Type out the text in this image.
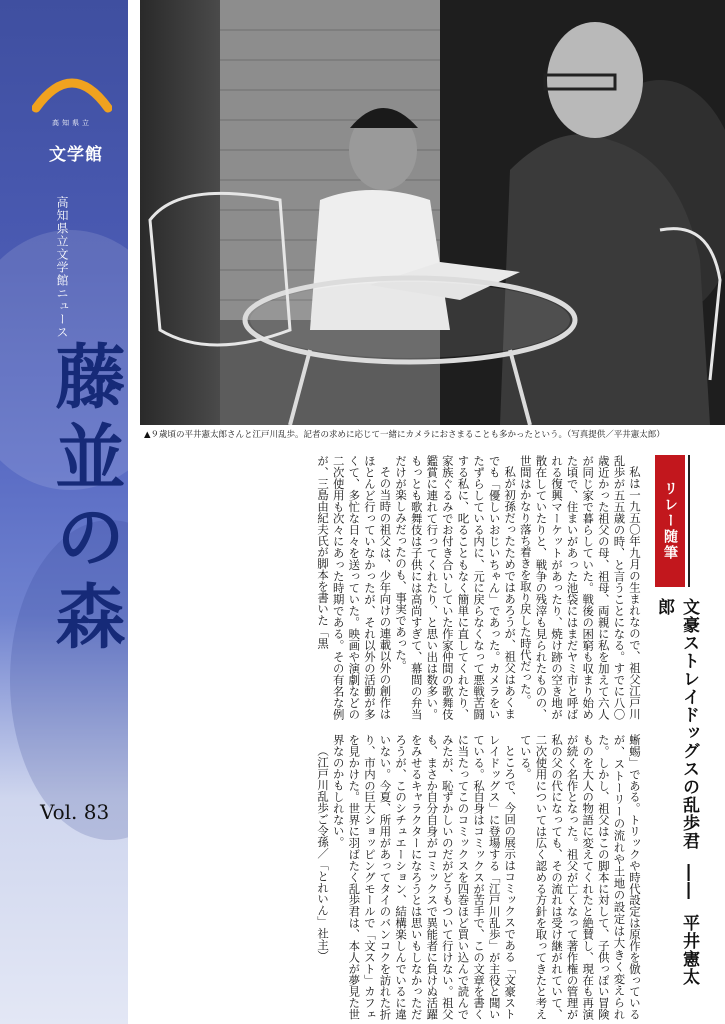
高知県立
文学館
高知県立文学館ニュース
藤並の森
Vol. 83
▲９歳頃の平井憲太郎さんと江戸川乱歩。記者の求めに応じて一緒にカメラにおさまることも多かったという。（写真提供／平井憲太郎）
リレー随筆
文豪ストレイドッグスの乱歩君――平井憲太郎

私は一九五〇年九月の生まれなので、祖父江戸川乱歩が五五歳の時、と言うことになる。すでに八〇歳近かった祖父の母、祖母、両親に私を加えて六人が同じ家で暮らしていた。戦後の困窮も収まり始めた頃で、住まいがあった池袋にはまだヤミ市と呼ばれる復興マーケットがあったり、焼け跡の空き地が散在していたりと、戦争の残滓も見られたものの、世間はかなり落ち着きを取り戻した時代だった。

私が初孫だったためではあろうが、祖父はあくまでも「優しいおじいちゃん」であった。カメラをいたずらしている内に、元に戻らなくなって悪戦苦闘する私に、叱ることもなく簡単に直してくれたり、家族ぐるみでお付き合いしていた作家仲間の歌舞伎鑑賞に連れて行ってくれたり、と思い出は数多い。もっとも歌舞伎は子供には高尚すぎて、幕間の弁当だけが楽しみだったのも、事実であった。

その当時の祖父は、少年向けの連載以外の創作はほとんど行っていなかったが、それ以外の活動が多くて、多忙な日々を送っていた。映画や演劇などの二次使用も次々にあった時期である。その有名な例が、三島由紀夫氏が脚本を書いた「黒

蜥蜴」である。トリックや時代設定は原作を倣っているが、ストーリーの流れや土地の設定は大きく変えられた。しかし、祖父はこの脚本に対して、子供っぽい冒険ものを大人の物語に変えてくれたと絶賛し、現在も再演が続く名作となった。祖父が亡くなって著作権の管理が私の父の代になっても、その流れは受け継がれていて、二次使用については広く認める方針を取ってきたと考えている。

ところで、今回の展示はコミックスである「文豪ストレイドッグス」に登場する「江戸川乱歩」が主役と聞いている。私自身はコミックスが苦手で、この文章を書くに当たってこのコミックスを四巻ほど買い込んで読んでみたが、恥ずかしいのだがどうもついて行けない。祖父も、まさか自分自身がコミックスで異能者に負けぬ活躍をみせるキャラクターになろうとは思いもしなかっただろうが、このシチュエーション、結構楽しんでいるに違いない。今夏、所用があってタイのバンコクを訪れた折り、市内の巨大ショッピングモールで「文スト」カフェを見かけた。世界に羽ばたく乱歩君は、本人が夢見た世界なのかもしれない。

（江戸川乱歩ご令孫／「とれいん」社主）
